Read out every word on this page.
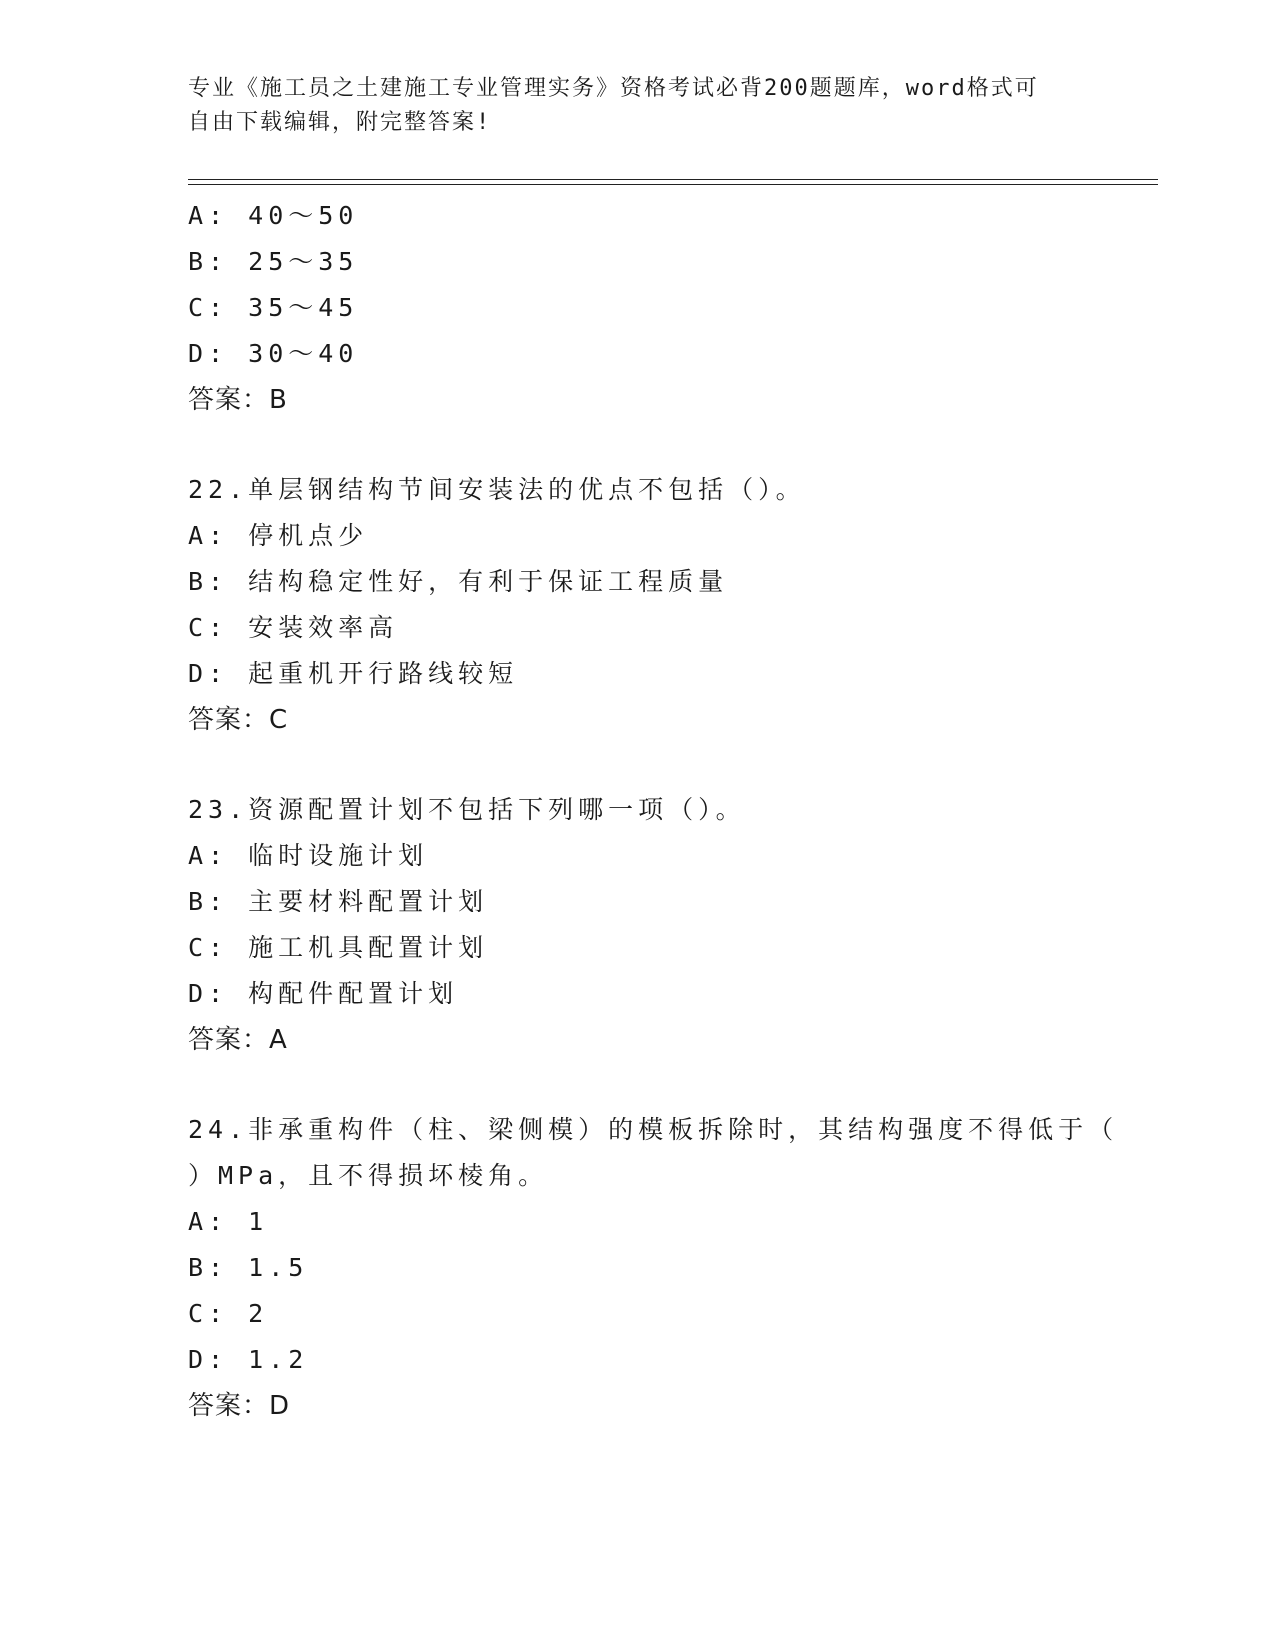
专业《施工员之土建施工专业管理实务》资格考试必背200题题库，word格式可
自由下载编辑，附完整答案!
A: 40～50
B: 25～35
C: 35～45
D: 30～40
答案：B
22.单层钢结构节间安装法的优点不包括（）。
A: 停机点少
B: 结构稳定性好，有利于保证工程质量
C: 安装效率高
D: 起重机开行路线较短
答案：C
23.资源配置计划不包括下列哪一项（）。
A: 临时设施计划
B: 主要材料配置计划
C: 施工机具配置计划
D: 构配件配置计划
答案：A
24.非承重构件（柱、梁侧模）的模板拆除时，其结构强度不得低于（
）MPa，且不得损坏棱角。
A: 1
B: 1.5
C: 2
D: 1.2
答案：D
